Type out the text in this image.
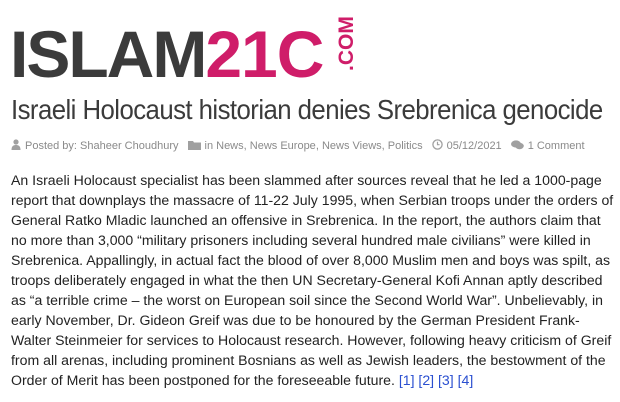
ISLAM 21C .COM
Israeli Holocaust historian denies Srebrenica genocide
Posted by: Shaheer Choudhury in
News , News Europe , News Views , Politics 05/12/2021 1 Comment

An Israeli Holocaust specialist has been slammed after sources reveal that he led a 1000-page report that downplays the massacre of 11-22 July 1995, when Serbian troops under the orders of General Ratko Mladic launched an offensive in Srebrenica. In the report, the authors claim that no more than 3,000 “military prisoners including several hundred male civilians” were killed in Srebrenica. Appallingly, in actual fact the blood of over 8,000 Muslim men and boys was spilt, as troops deliberately engaged in what the then UN Secretary-General Kofi Annan aptly described as “a terrible crime – the worst on European soil since the Second World War”. Unbelievably, in early November, Dr. Gideon Greif was due to be honoured by the German President Frank-Walter Steinmeier for services to Holocaust research. However, following heavy criticism of Greif from all arenas, including prominent Bosnians as well as Jewish leaders, the bestowment of the Order of Merit has been postponed for the foreseeable future. [1] [2] [3] [4]
